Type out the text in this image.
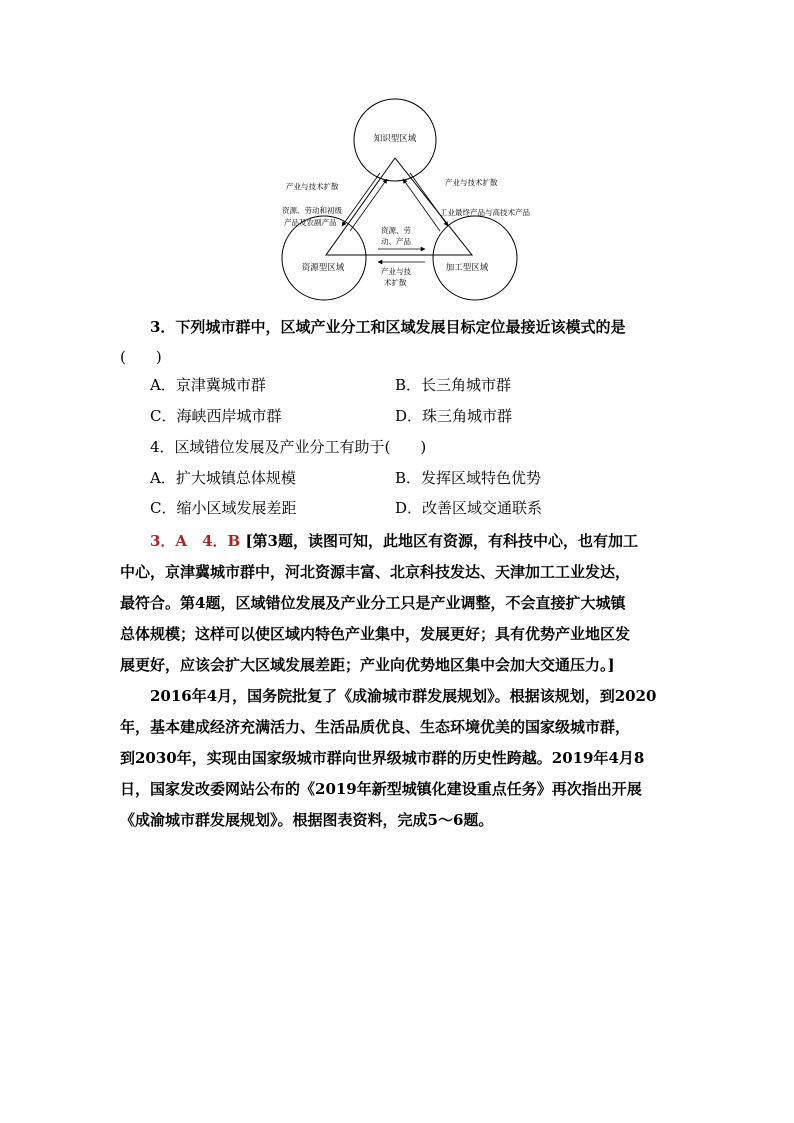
知识型区域
资源型区域	加工型区域
产业与技术扩散
资源、劳动和初级
产品及农副产品
产业与技术扩散
工业最终产品与高技术产品
资源、劳
动、产品
产业与技
术扩散
3．下列城市群中，区域产业分工和区域发展目标定位最接近该模式的是
(　　)
A．京津冀城市群	B．长三角城市群
C．海峡西岸城市群	D．珠三角城市群
4．区域错位发展及产业分工有助于(　　)
A．扩大城镇总体规模	B．发挥区域特色优势
C．缩小区域发展差距	D．改善区域交通联系
3．A　4．B [第3题，读图可知，此地区有资源，有科技中心，也有加工
中心，京津冀城市群中，河北资源丰富、北京科技发达、天津加工工业发达，
最符合。第4题，区域错位发展及产业分工只是产业调整，不会直接扩大城镇
总体规模；这样可以使区域内特色产业集中，发展更好；具有优势产业地区发
展更好，应该会扩大区域发展差距；产业向优势地区集中会加大交通压力。]
2016年4月，国务院批复了《成渝城市群发展规划》。根据该规划，到2020
年，基本建成经济充满活力、生活品质优良、生态环境优美的国家级城市群，
到2030年，实现由国家级城市群向世界级城市群的历史性跨越。2019年4月8
日，国家发改委网站公布的《2019年新型城镇化建设重点任务》再次指出开展
《成渝城市群发展规划》。根据图表资料，完成5～6题。
